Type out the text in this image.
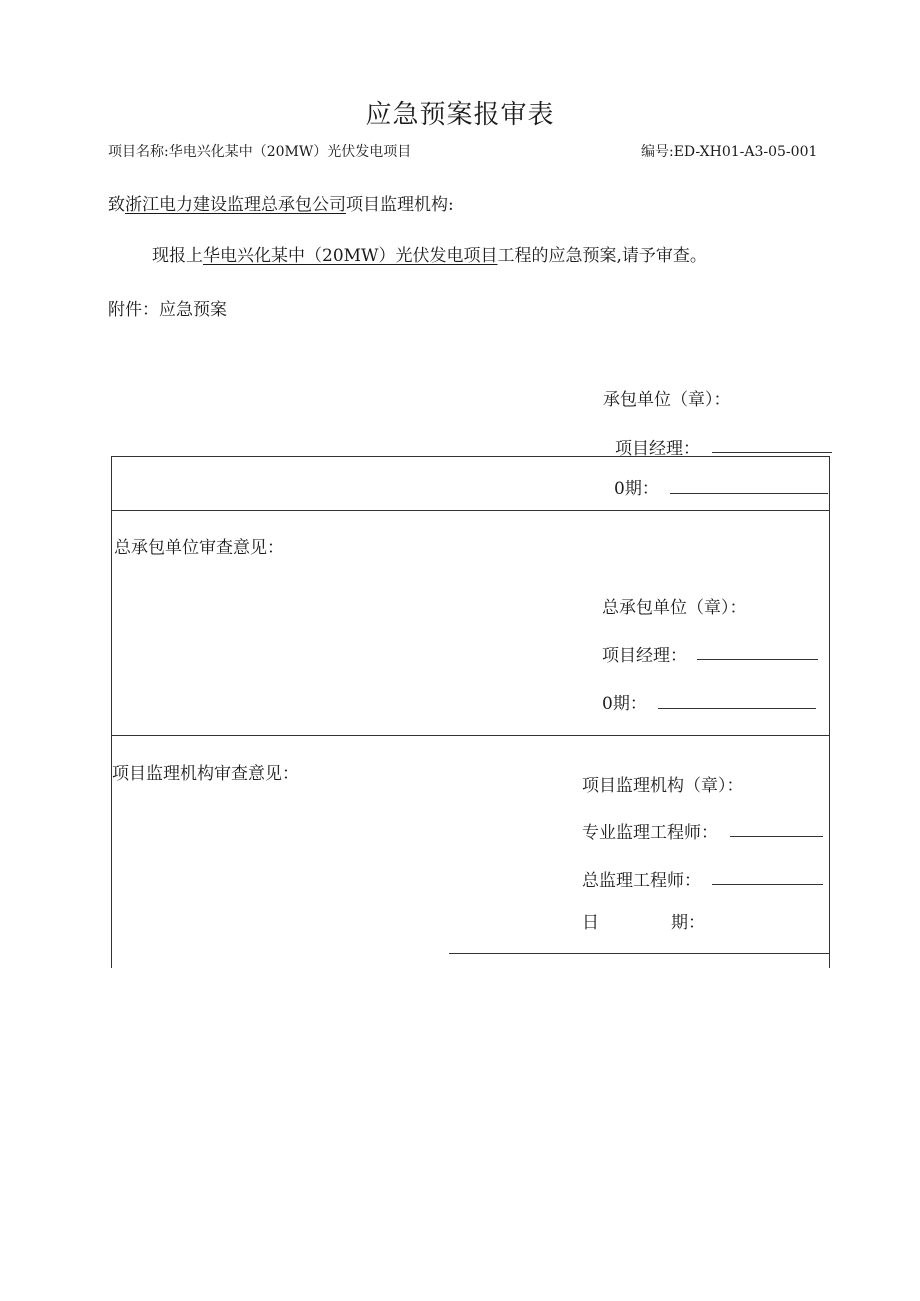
应急预案报审表
项目名称:华电兴化某中（20MW）光伏发电项目	编号:ED-XH01-A3-05-001
致浙江电力建设监理总承包公司项目监理机构:
现报上华电兴化某中（20MW）光伏发电项目工程的应急预案,请予审查。
附件：应急预案
承包单位（章）：
项目经理：
0期：
总承包单位审查意见：
总承包单位（章）：
项目经理：
0期：
项目监理机构审查意见：
项目监理机构（章）：
专业监理工程师：
总监理工程师：
日	期：
